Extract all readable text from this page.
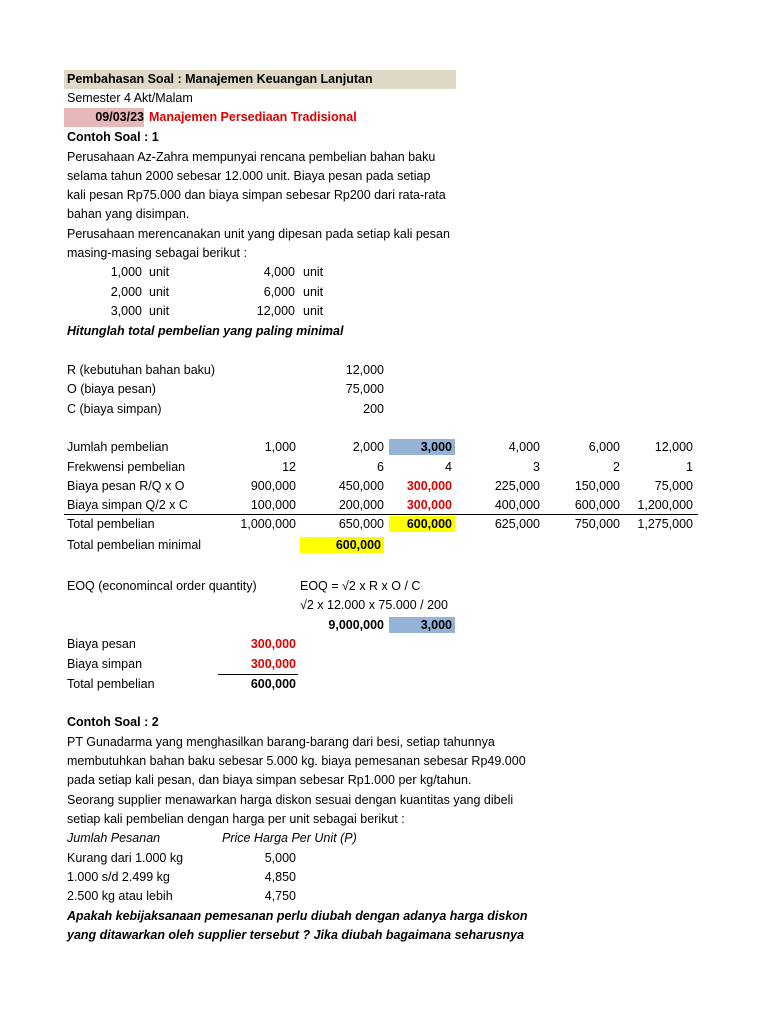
Pembahasan Soal : Manajemen Keuangan Lanjutan
Semester 4 Akt/Malam
09/03/23 Manajemen Persediaan Tradisional
Contoh Soal : 1
Perusahaan Az-Zahra mempunyai rencana pembelian bahan baku
selama tahun 2000 sebesar 12.000 unit. Biaya pesan pada setiap
kali pesan Rp75.000 dan biaya simpan sebesar Rp200 dari rata-rata
bahan yang disimpan.
Perusahaan merencanakan unit yang dipesan pada setiap kali pesan
masing-masing sebagai berikut :
1,000 unit	4,000 unit
2,000 unit	6,000 unit
3,000 unit	12,000 unit
Hitunglah total pembelian yang paling minimal
R (kebutuhan bahan baku)	12,000
O (biaya pesan)	75,000
C (biaya simpan)	200
Jumlah pembelian	1,000	2,000	3,000	4,000	6,000	12,000
Frekwensi pembelian	12	6	4	3	2	1
Biaya pesan R/Q x O	900,000	450,000	300,000	225,000	150,000	75,000
Biaya simpan Q/2 x C	100,000	200,000	300,000	400,000	600,000	1,200,000
Total pembelian	1,000,000	650,000	600,000	625,000	750,000	1,275,000
Total pembelian minimal	600,000
EOQ (economincal order quantity)	EOQ = √2 x R x O / C
√2 x 12.000 x 75.000 / 200
9,000,000	3,000
Biaya pesan	300,000
Biaya simpan	300,000
Total pembelian	600,000
Contoh Soal : 2
PT Gunadarma yang menghasilkan barang-barang dari besi, setiap tahunnya
membutuhkan bahan baku sebesar 5.000 kg. biaya pemesanan sebesar Rp49.000
pada setiap kali pesan, dan biaya simpan sebesar Rp1.000 per kg/tahun.
Seorang supplier menawarkan harga diskon sesuai dengan kuantitas yang dibeli
setiap kali pembelian dengan harga per unit sebagai berikut :
Jumlah Pesanan	Price Harga Per Unit (P)
Kurang dari 1.000 kg	5,000
1.000 s/d 2.499 kg	4,850
2.500 kg atau lebih	4,750
Apakah kebijaksanaan pemesanan perlu diubah dengan adanya harga diskon
yang ditawarkan oleh supplier tersebut ? Jika diubah bagaimana seharusnya
